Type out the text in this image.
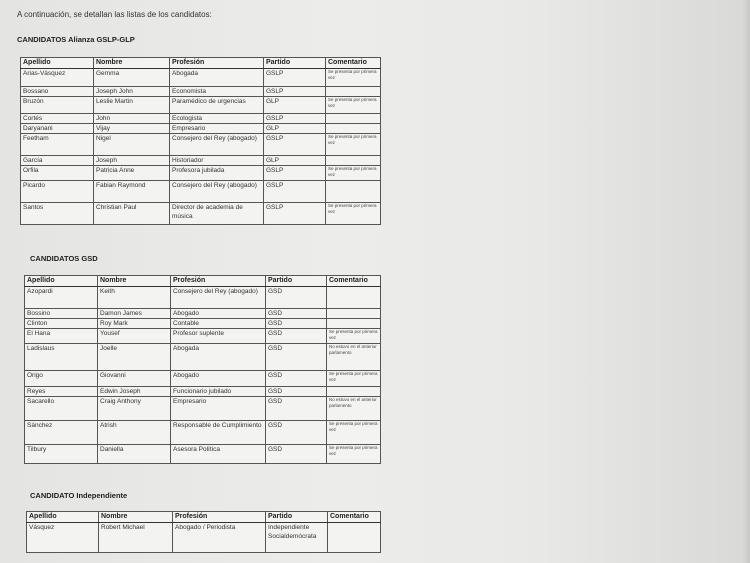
A continuación, se detallan las listas de los candidatos:
CANDIDATOS Alianza GSLP-GLP
Apellido	Nombre	Profesión	Partido	Comentario
Arias-Vásquez	Gemma	Abogada	GSLP	Se presenta por primera vez
Bossano	Joseph John	Economista	GSLP	
Bruzón	Leslie Martin	Paramédico de urgencias	GLP	Se presenta por primera vez
Cortés	John	Ecologista	GSLP	
Daryanani	Vijay	Empresario	GLP	
Feetham	Nigel	Consejero del Rey (abogado)	GSLP	Se presenta por primera vez
García	Joseph	Historiador	GLP	
Orfila	Patricia Anne	Profesora jubilada	GSLP	Se presenta por primera vez
Picardo	Fabian Raymond	Consejero del Rey (abogado)	GSLP	
Santos	Christian Paul	Director de academia de música	GSLP	Se presenta por primera vez
CANDIDATOS GSD
Apellido	Nombre	Profesión	Partido	Comentario
Azopardi	Keith	Consejero del Rey (abogado)	GSD	
Bossino	Damon James	Abogado	GSD	
Clinton	Roy Mark	Contable	GSD	
El Hana	Yousef	Profesor suplente	GSD	Se presenta por primera vez
Ladislaus	Joelle	Abogada	GSD	No estuvo en el anterior parlamento
Origo	Giovanni	Abogado	GSD	Se presenta por primera vez
Reyes	Edwin Joseph	Funcionario jubilado	GSD	
Sacarello	Craig Anthony	Empresario	GSD	No estuvo en el anterior parlamento
Sánchez	Atrish	Responsable de Cumplimiento	GSD	Se presenta por primera vez
Tilbury	Daniella	Asesora Política	GSD	Se presenta por primera vez
CANDIDATO Independiente
Apellido	Nombre	Profesión	Partido	Comentario
Vásquez	Robert Michael	Abogado / Periodista	Independiente Socialdemócrata	
